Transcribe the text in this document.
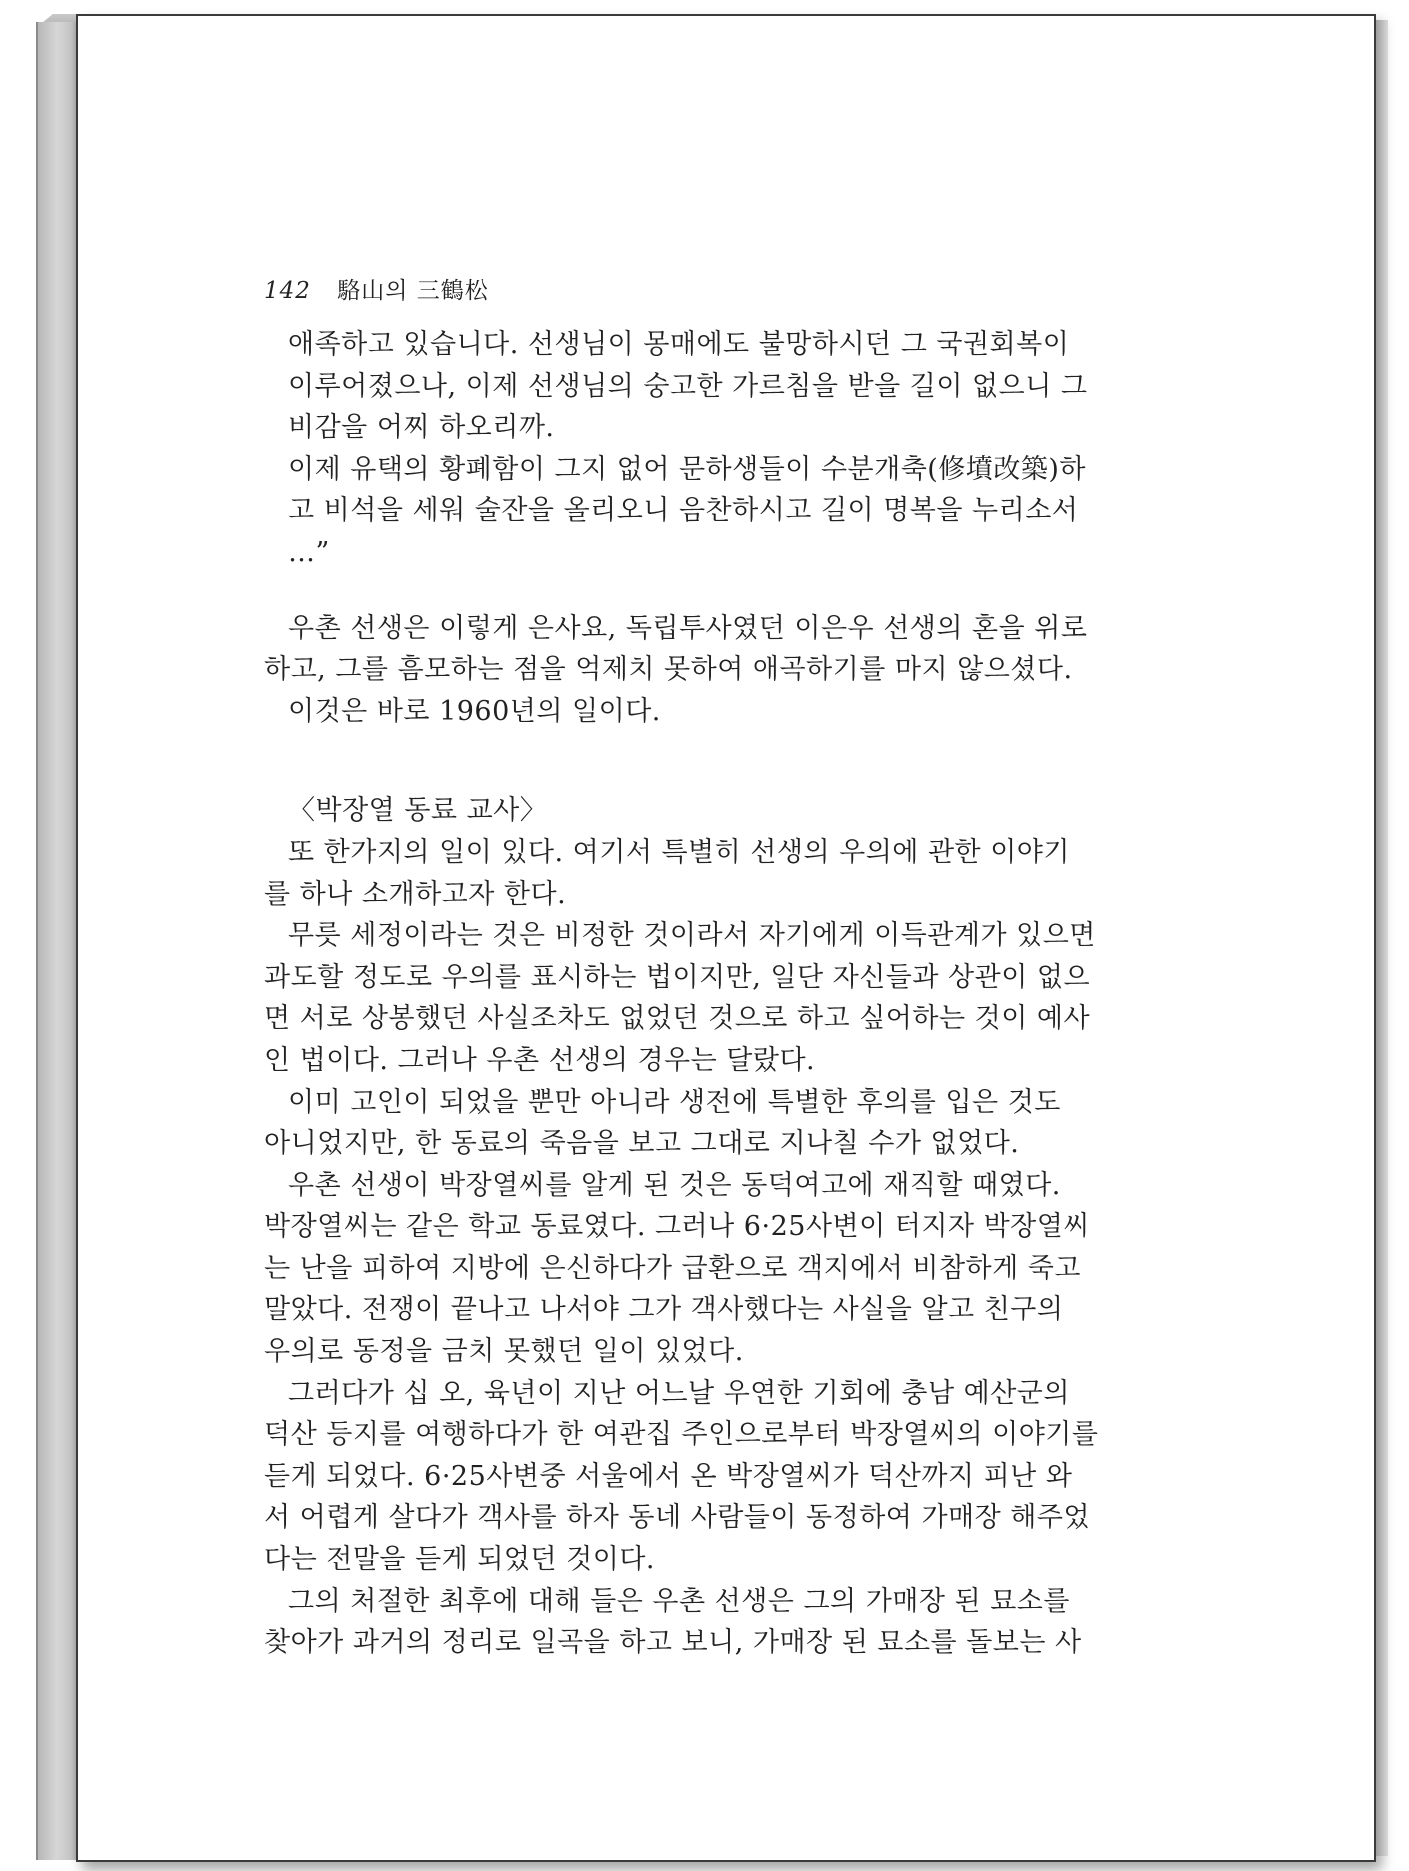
142 駱山의 三鶴松
애족하고 있습니다. 선생님이 몽매에도 불망하시던 그 국권회복이
이루어졌으나, 이제 선생님의 숭고한 가르침을 받을 길이 없으니 그
비감을 어찌 하오리까.
이제 유택의 황폐함이 그지 없어 문하생들이 수분개축(修墳改築)하
고 비석을 세워 술잔을 올리오니 음찬하시고 길이 명복을 누리소서
…”
우촌 선생은 이렇게 은사요, 독립투사였던 이은우 선생의 혼을 위로
하고, 그를 흠모하는 점을 억제치 못하여 애곡하기를 마지 않으셨다.
이것은 바로 1960년의 일이다.
〈박장열 동료 교사〉
또 한가지의 일이 있다. 여기서 특별히 선생의 우의에 관한 이야기
를 하나 소개하고자 한다.
무릇 세정이라는 것은 비정한 것이라서 자기에게 이득관계가 있으면
과도할 정도로 우의를 표시하는 법이지만, 일단 자신들과 상관이 없으
면 서로 상봉했던 사실조차도 없었던 것으로 하고 싶어하는 것이 예사
인 법이다. 그러나 우촌 선생의 경우는 달랐다.
이미 고인이 되었을 뿐만 아니라 생전에 특별한 후의를 입은 것도
아니었지만, 한 동료의 죽음을 보고 그대로 지나칠 수가 없었다.
우촌 선생이 박장열씨를 알게 된 것은 동덕여고에 재직할 때였다.
박장열씨는 같은 학교 동료였다. 그러나 6·25사변이 터지자 박장열씨
는 난을 피하여 지방에 은신하다가 급환으로 객지에서 비참하게 죽고
말았다. 전쟁이 끝나고 나서야 그가 객사했다는 사실을 알고 친구의
우의로 동정을 금치 못했던 일이 있었다.
그러다가 십 오, 육년이 지난 어느날 우연한 기회에 충남 예산군의
덕산 등지를 여행하다가 한 여관집 주인으로부터 박장열씨의 이야기를
듣게 되었다. 6·25사변중 서울에서 온 박장열씨가 덕산까지 피난 와
서 어렵게 살다가 객사를 하자 동네 사람들이 동정하여 가매장 해주었
다는 전말을 듣게 되었던 것이다.
그의 처절한 최후에 대해 들은 우촌 선생은 그의 가매장 된 묘소를
찾아가 과거의 정리로 일곡을 하고 보니, 가매장 된 묘소를 돌보는 사
